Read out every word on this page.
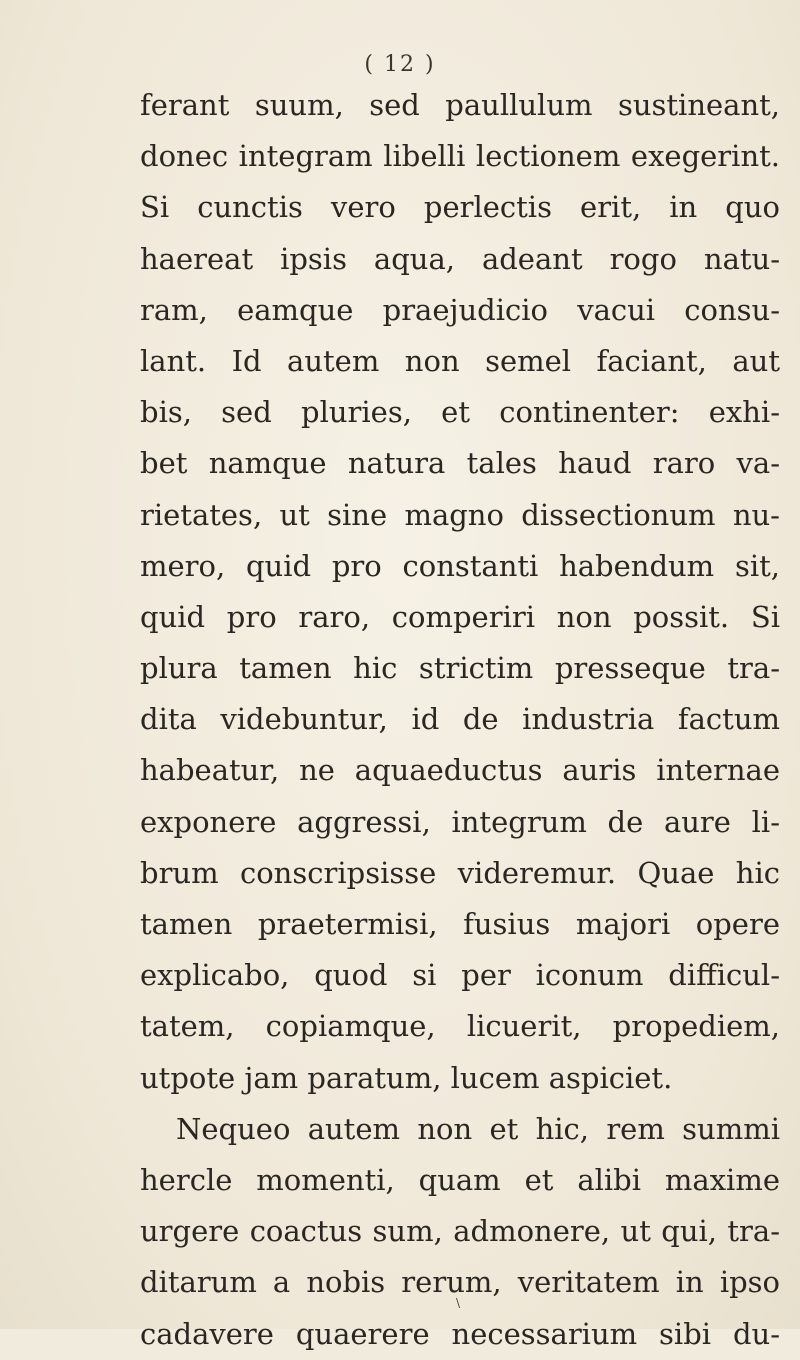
( 12 )
ferant suum, sed paullulum sustineant,
donec integram libelli lectionem exegerint.
Si cunctis vero perlectis erit, in quo
haereat ipsis aqua, adeant rogo natu-
ram, eamque praejudicio vacui consu-
lant. Id autem non semel faciant, aut
bis, sed pluries, et continenter: exhi-
bet namque natura tales haud raro va-
rietates, ut sine magno dissectionum nu-
mero, quid pro constanti habendum sit,
quid pro raro, comperiri non possit. Si
plura tamen hic strictim presseque tra-
dita videbuntur, id de industria factum
habeatur, ne aquaeductus auris internae
exponere aggressi, integrum de aure li-
brum conscripsisse videremur. Quae hic
tamen praetermisi, fusius majori opere
explicabo, quod si per iconum difficul-
tatem, copiamque, licuerit, propediem,
utpote jam paratum, lucem aspiciet.
Nequeo autem non et hic, rem summi
hercle momenti, quam et alibi maxime
urgere coactus sum, admonere, ut qui, tra-
ditarum a nobis rerum, veritatem in ipso
cadavere quaerere necessarium sibi du-
\
